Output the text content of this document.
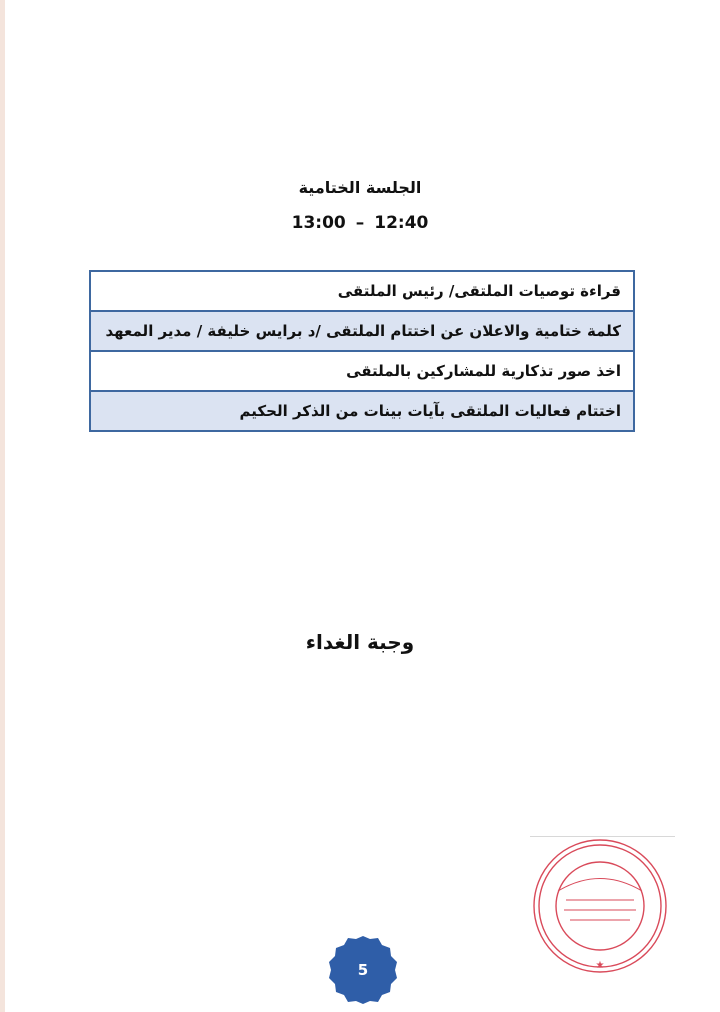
الجلسة الختامية
13:00 – 12:40
قراءة توصيات الملتقى/ رئيس الملتقى
كلمة ختامية والاعلان عن اختتام الملتقى /د برايس خليفة / مدير المعهد
اخذ صور تذكارية للمشاركين بالملتقى
اختتام فعاليات الملتقى بآيات بينات من الذكر الحكيم
وجبة الغداء
★
5
